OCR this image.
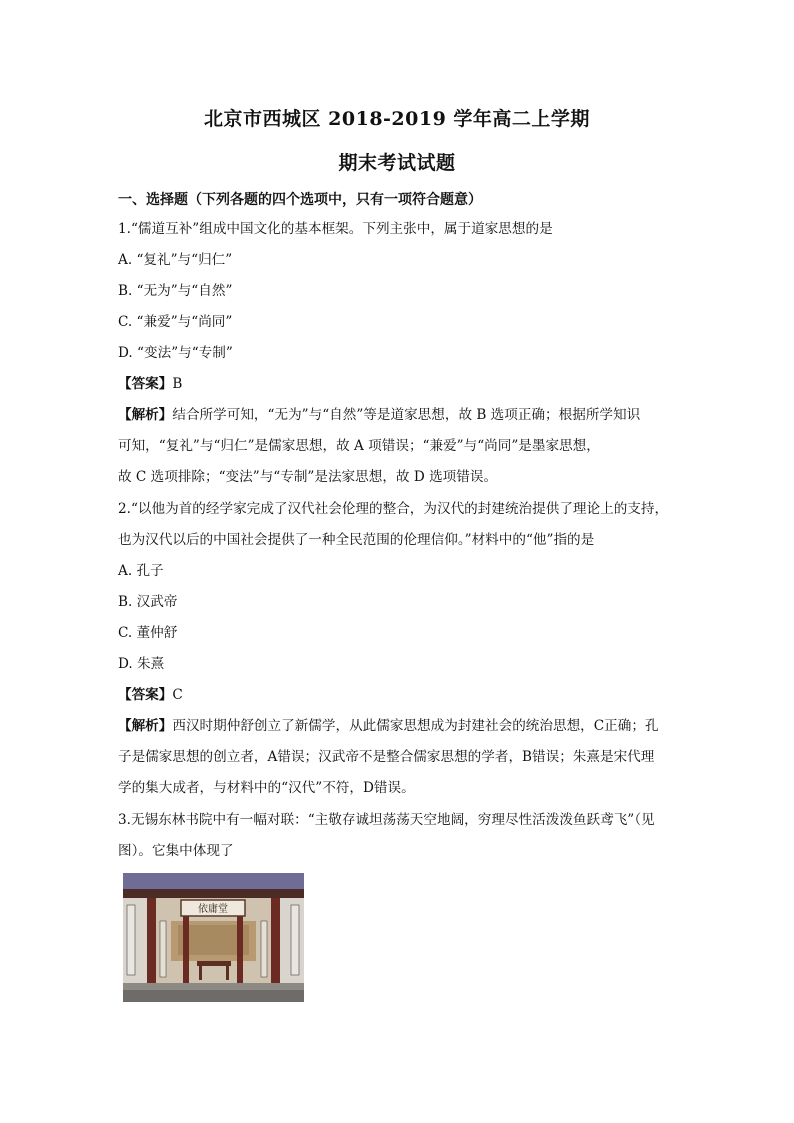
北京市西城区 2018-2019 学年高二上学期
期末考试试题
一、选择题（下列各题的四个选项中，只有一项符合题意）
1.“儒道互补”组成中国文化的基本框架。下列主张中，属于道家思想的是
A. “复礼”与“归仁”
B. “无为”与“自然”
C. “兼爱”与“尚同”
D. “变法”与“专制”
【答案】B
【解析】结合所学可知，“无为”与“自然”等是道家思想，故 B 选项正确；根据所学知识
可知，“复礼”与“归仁”是儒家思想，故 A 项错误；“兼爱”与“尚同”是墨家思想，
故 C 选项排除；“变法”与“专制”是法家思想，故 D 选项错误。
2.“以他为首的经学家完成了汉代社会伦理的整合，为汉代的封建统治提供了理论上的支持，
也为汉代以后的中国社会提供了一种全民范围的伦理信仰。”材料中的“他”指的是
A. 孔子
B. 汉武帝
C. 董仲舒
D. 朱熹
【答案】C
【解析】西汉时期仲舒创立了新儒学，从此儒家思想成为封建社会的统治思想，C正确；孔
子是儒家思想的创立者，A错误；汉武帝不是整合儒家思想的学者，B错误；朱熹是宋代理
学的集大成者，与材料中的“汉代”不符，D错误。
3.无锡东林书院中有一幅对联：“主敬存诚坦荡荡天空地阔，穷理尽性活泼泼鱼跃鸢飞”（见
图）。它集中体现了
依庸堂
